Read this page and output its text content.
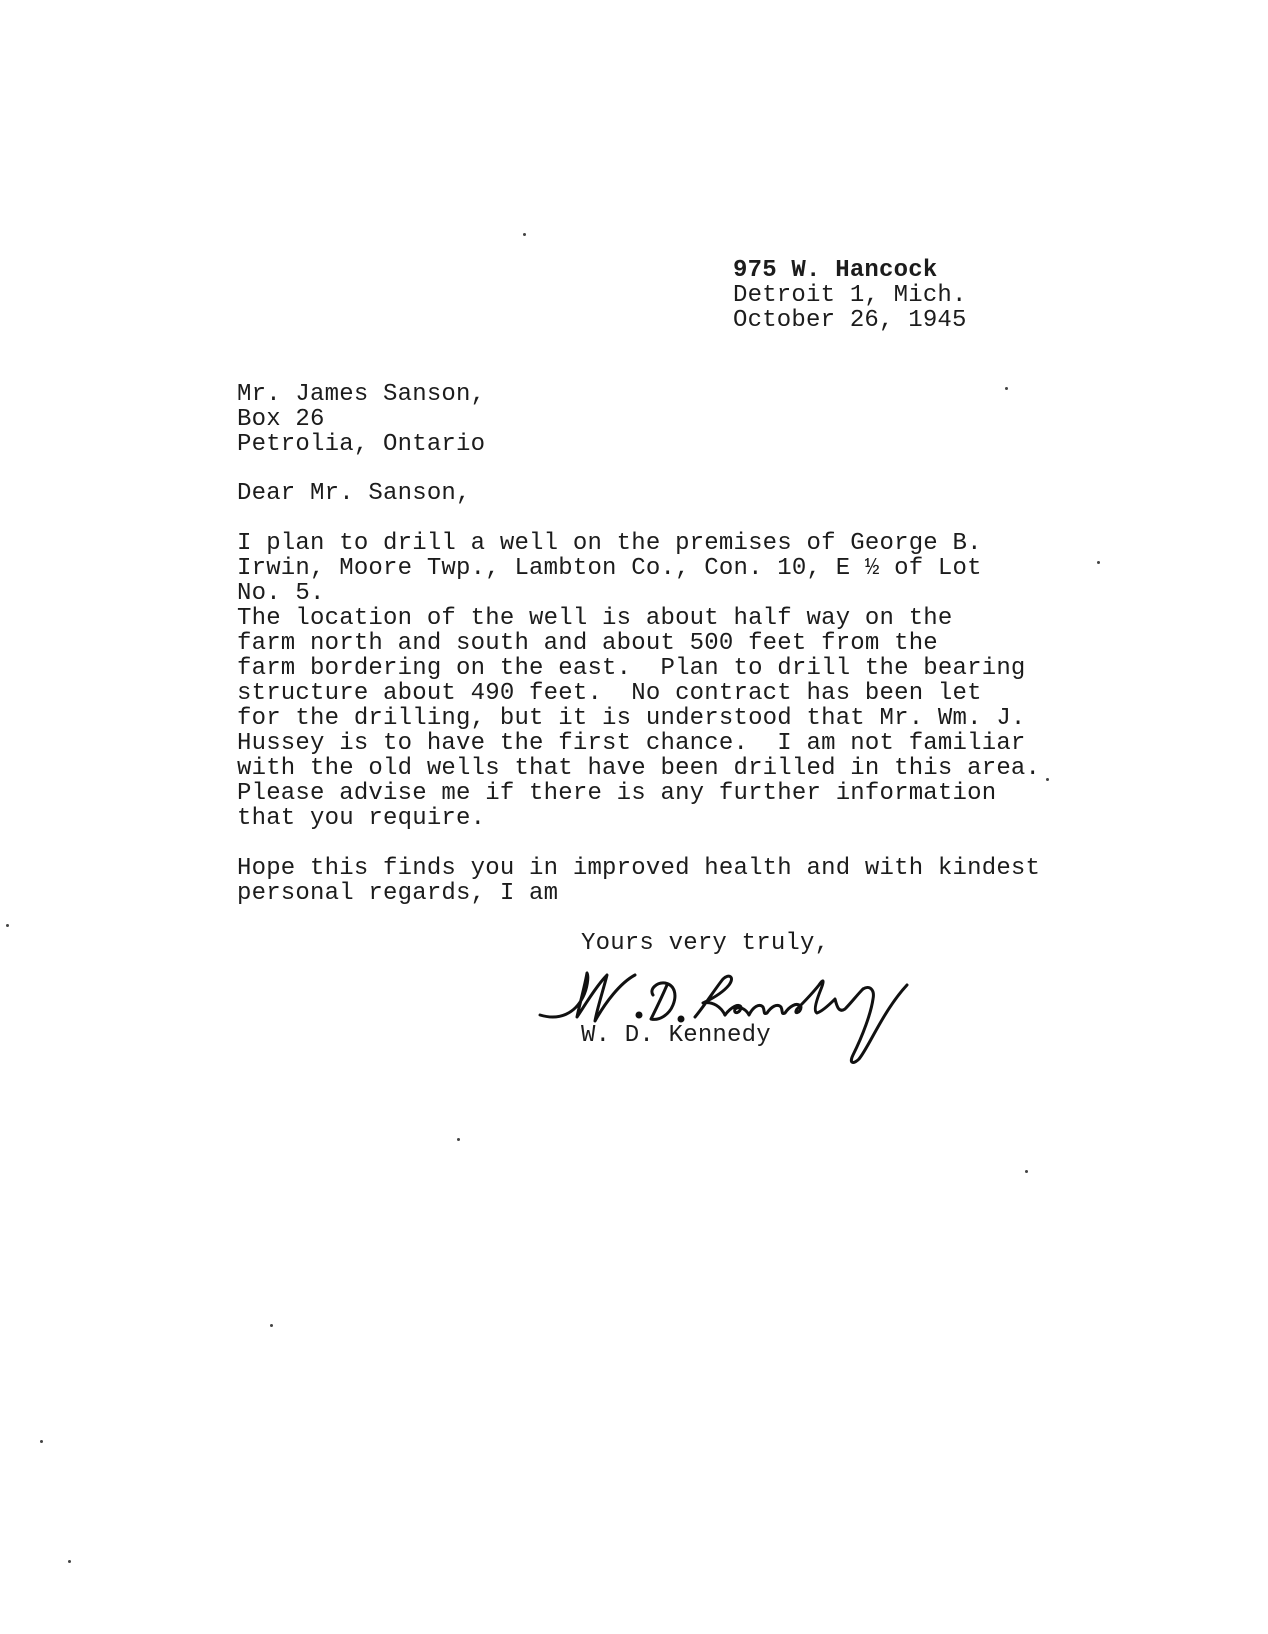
975 W. Hancock
Detroit 1, Mich.
October 26, 1945
Mr. James Sanson,
Box 26
Petrolia, Ontario
Dear Mr. Sanson,
I plan to drill a well on the premises of George B.
Irwin, Moore Twp., Lambton Co., Con. 10, E ½ of Lot
No. 5.
The location of the well is about half way on the
farm north and south and about 500 feet from the
farm bordering on the east.  Plan to drill the bearing
structure about 490 feet.  No contract has been let
for the drilling, but it is understood that Mr. Wm. J.
Hussey is to have the first chance.  I am not familiar
with the old wells that have been drilled in this area.
Please advise me if there is any further information
that you require.
Hope this finds you in improved health and with kindest
personal regards, I am
Yours very truly,
W. D. Kennedy
